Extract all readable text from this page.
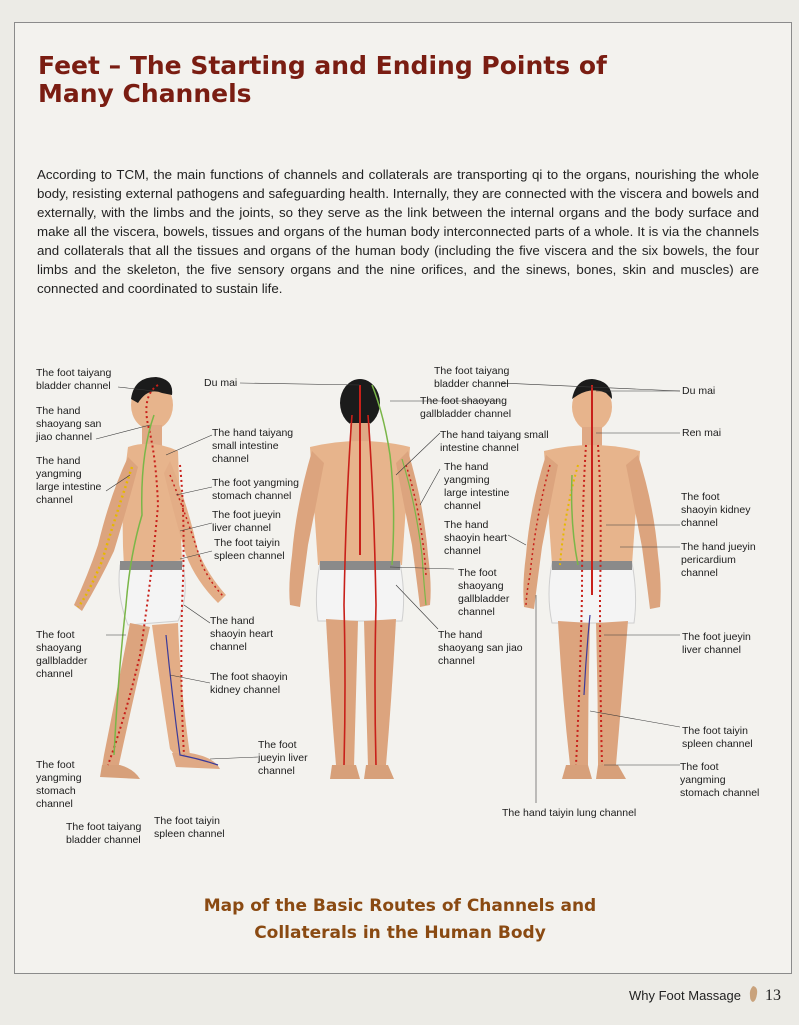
Feet – The Starting and Ending Points of
Many Channels

According to TCM, the main functions of channels and collaterals are transporting qi to the organs, nourishing the whole body, resisting external pathogens and safeguarding health. Internally, they are connected with the viscera and bowels and externally, with the limbs and the joints, so they serve as the link between the internal organs and the body surface and make all the viscera, bowels, tissues and organs of the human body interconnected parts of a whole. It is via the channels and collaterals that all the tissues and organs of the human body (including the five viscera and the six bowels, the four limbs and the skeleton, the five sensory organs and the nine orifices, and the sinews, bones, skin and muscles) are connected and coordinated to sustain life.

The foot taiyang
bladder channel
The hand
shaoyang san
jiao channel
The hand
yangming
large intestine
channel
Du mai
The hand taiyang
small intestine
channel
The foot yangming
stomach channel
The foot jueyin
liver channel
The foot taiyin
spleen channel
The hand
shaoyin heart
channel
The foot shaoyin
kidney channel
The foot
shaoyang
gallbladder
channel
The foot
yangming
stomach
channel
The foot
jueyin liver
channel
The foot taiyang
bladder channel
The foot taiyin
spleen channel
The foot taiyang
bladder channel
The foot shaoyang
gallbladder channel
The hand taiyang small
intestine channel
The hand
yangming
large intestine
channel
The hand
shaoyin heart
channel
The foot
shaoyang
gallbladder
channel
The hand
shaoyang san jiao
channel
Du mai
Ren mai
The foot
shaoyin kidney
channel
The hand jueyin
pericardium
channel
The foot jueyin
liver channel
The foot taiyin
spleen channel
The foot
yangming
stomach channel
The hand taiyin lung channel
Map of the Basic Routes of Channels and
Collaterals in the Human Body
Why Foot Massage 13
